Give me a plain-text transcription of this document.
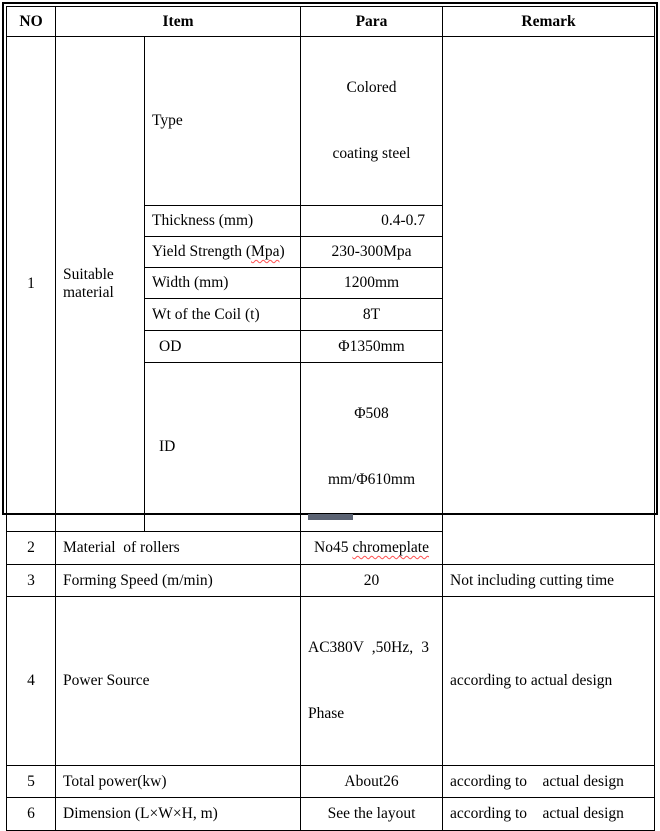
NO	Item		Para	Remark
1	Suitable material	Type	Colored

coating steel	

		Thickness (mm)	0.4-0.7	
		Yield Strength (Mpa)	230-300Mpa	
		Width (mm)	1200mm	
		Wt of the Coil (t)	8T	
		OD	Φ1350mm	
		ID	Φ508

mm/Φ610mm	

2	Material  of rollers		No45 chromeplate	
3	Forming Speed (m/min)		20	Not including cutting time
4	Power Source		AC380V ,50Hz, 3

Phase	according to actual design
5	Total power(kw)		About26	according to    actual design
6	Dimension (L×W×H, m)		See the layout	according to    actual design
